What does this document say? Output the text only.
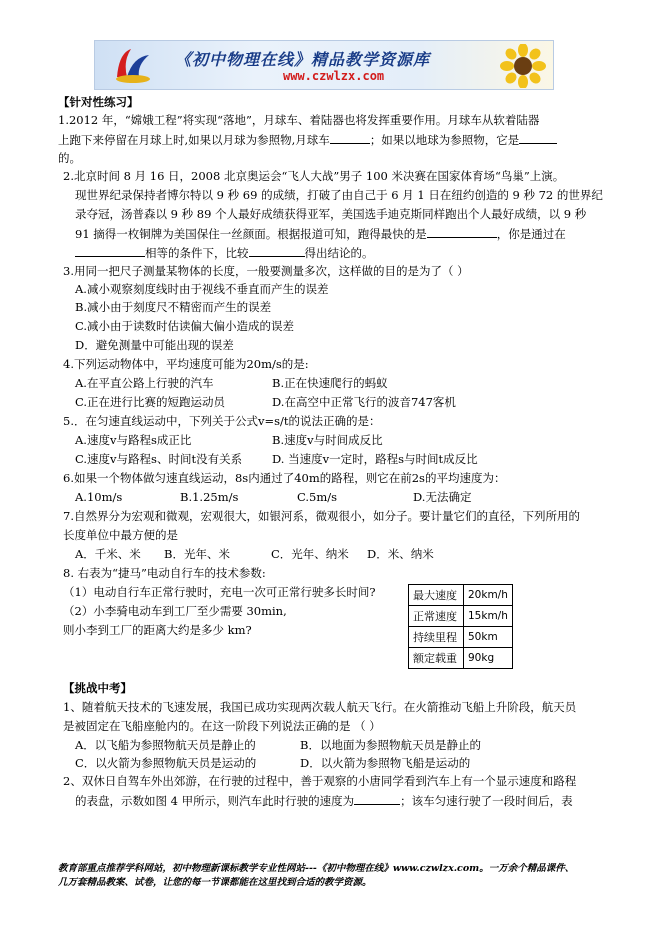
《初中物理在线》精品教学资源库
www.czwlzx.com
【针对性练习】
1.2012 年，“嫦娥工程”将实现“落地”，月球车、着陆器也将发挥重要作用。月球车从软着陆器
上跑下来停留在月球上时,如果以月球为参照物,月球车	；如果以地球为参照物，它是
的。
2.北京时间 8 月 16 日，2008 北京奥运会“飞人大战”男子 100 米决赛在国家体育场“鸟巢”上演。
现世界纪录保持者博尔特以 9 秒 69 的成绩，打破了由自己于 6 月 1 日在纽约创造的 9 秒 72 的世界纪
录夺冠，汤普森以 9 秒 89 个人最好成绩获得亚军，美国选手迪克斯同样跑出个人最好成绩，以 9 秒
91 摘得一枚铜牌为美国保住一丝颜面。根据报道可知，跑得最快的是	，你是通过在
相等的条件下，比较	得出结论的。
3.用同一把尺子测量某物体的长度，一般要测量多次，这样做的目的是为了（ ）
A.减小观察刻度线时由于视线不垂直而产生的误差
B.减小由于刻度尺不精密而产生的误差
C.减小由于读数时估读偏大偏小造成的误差
D．避免测量中可能出现的误差
4.下列运动物体中，平均速度可能为20m/s的是:
A.在平直公路上行驶的汽车	B.正在快速爬行的蚂蚁
C.正在进行比赛的短跑运动员	D.在高空中正常飞行的波音747客机
5.．在匀速直线运动中，下列关于公式v=s/t的说法正确的是：
A.速度v与路程s成正比	B.速度v与时间成反比
C.速度v与路程s、时间t没有关系	D. 当速度v一定时，路程s与时间t成反比
6.如果一个物体做匀速直线运动，8s内通过了40m的路程，则它在前2s的平均速度为：
A.10m/s	B.1.25m/s	C.5m/s	D.无法确定
7.自然界分为宏观和微观，宏观很大，如银河系，微观很小，如分子。要计量它们的直径，下列所用的
长度单位中最方便的是
A．千米、米 B．光年、米	C．光年、纳米 D．米、纳米
8. 右表为“捷马”电动自行车的技术参数:
（1）电动自行车正常行驶时，充电一次可正常行驶多长时间?
（2）小李骑电动车到工厂至少需要 30min,
则小李到工厂的距离大约是多少 km?
最大速度	20km/h
正常速度	15km/h
持续里程	50km
额定载重	90kg
【挑战中考】
1、随着航天技术的飞速发展，我国已成功实现两次载人航天飞行。在火箭推动飞船上升阶段，航天员
是被固定在飞船座舱内的。在这一阶段下列说法正确的是 （ ）
A．以飞船为参照物航天员是静止的	B．以地面为参照物航天员是静止的
C．以火箭为参照物航天员是运动的	D．以火箭为参照物飞船是运动的
2、双休日自驾车外出郊游，在行驶的过程中，善于观察的小唐同学看到汽车上有一个显示速度和路程
的表盘，示数如图 4 甲所示，则汽车此时行驶的速度为	；该车匀速行驶了一段时间后，表
教育部重点推荐学科网站，初中物理新课标教学专业性网站---《初中物理在线》www.czwlzx.com。一万余个精品课件、
几万套精品教案、试卷，让您的每一节课都能在这里找到合适的教学资源。
